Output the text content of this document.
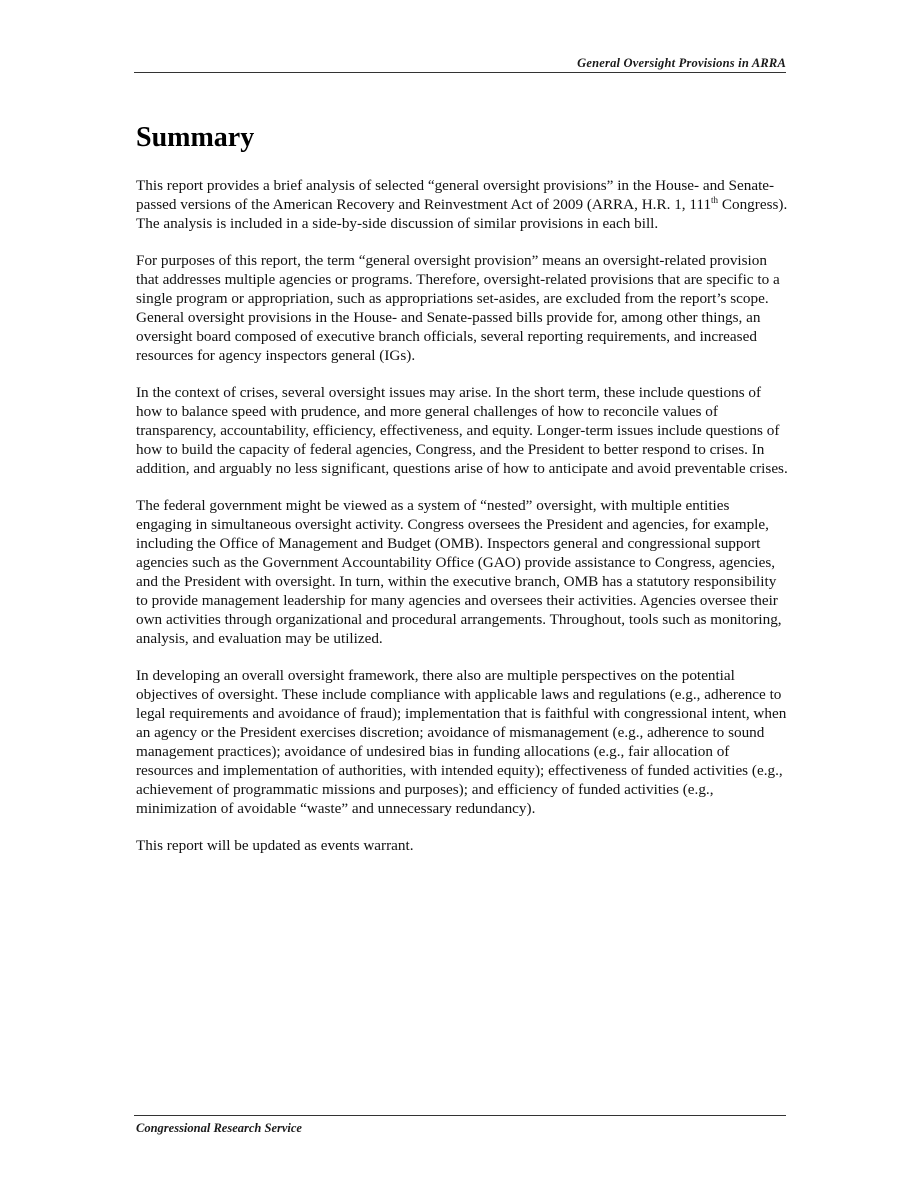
General Oversight Provisions in ARRA
Summary

This report provides a brief analysis of selected “general oversight provisions” in the House- and Senate-passed versions of the American Recovery and Reinvestment Act of 2009 (ARRA, H.R. 1, 111th Congress). The analysis is included in a side-by-side discussion of similar provisions in each bill.

For purposes of this report, the term “general oversight provision” means an oversight-related provision that addresses multiple agencies or programs. Therefore, oversight-related provisions that are specific to a single program or appropriation, such as appropriations set-asides, are excluded from the report’s scope. General oversight provisions in the House- and Senate-passed bills provide for, among other things, an oversight board composed of executive branch officials, several reporting requirements, and increased resources for agency inspectors general (IGs).

In the context of crises, several oversight issues may arise. In the short term, these include questions of how to balance speed with prudence, and more general challenges of how to reconcile values of transparency, accountability, efficiency, effectiveness, and equity. Longer-term issues include questions of how to build the capacity of federal agencies, Congress, and the President to better respond to crises. In addition, and arguably no less significant, questions arise of how to anticipate and avoid preventable crises.

The federal government might be viewed as a system of “nested” oversight, with multiple entities engaging in simultaneous oversight activity. Congress oversees the President and agencies, for example, including the Office of Management and Budget (OMB). Inspectors general and congressional support agencies such as the Government Accountability Office (GAO) provide assistance to Congress, agencies, and the President with oversight. In turn, within the executive branch, OMB has a statutory responsibility to provide management leadership for many agencies and oversees their activities. Agencies oversee their own activities through organizational and procedural arrangements. Throughout, tools such as monitoring, analysis, and evaluation may be utilized.

In developing an overall oversight framework, there also are multiple perspectives on the potential objectives of oversight. These include compliance with applicable laws and regulations (e.g., adherence to legal requirements and avoidance of fraud); implementation that is faithful with congressional intent, when an agency or the President exercises discretion; avoidance of mismanagement (e.g., adherence to sound management practices); avoidance of undesired bias in funding allocations (e.g., fair allocation of resources and implementation of authorities, with intended equity); effectiveness of funded activities (e.g., achievement of programmatic missions and purposes); and efficiency of funded activities (e.g., minimization of avoidable “waste” and unnecessary redundancy).

This report will be updated as events warrant.

Congressional Research Service
